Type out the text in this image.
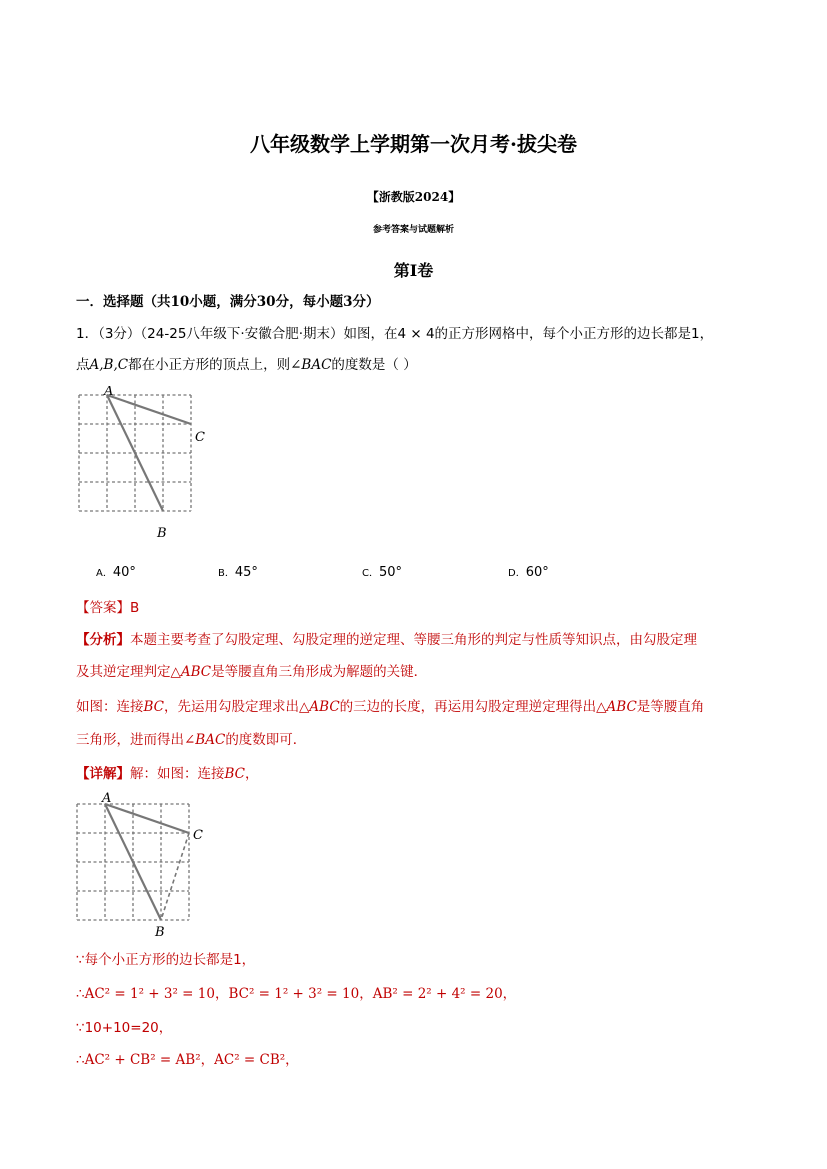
八年级数学上学期第一次月考·拔尖卷
【浙教版2024】
参考答案与试题解析
第I卷
一．选择题（共10小题，满分30分，每小题3分）
1．（3分）（24-25八年级下·安徽合肥·期末）如图，在4 × 4的正方形网格中，每个小正方形的边长都是1，
点A,B,C都在小正方形的顶点上，则∠BAC的度数是（ ）
A
C
B
A．40°	B．45°	C．50°	D．60°
【答案】B
【分析】本题主要考查了勾股定理、勾股定理的逆定理、等腰三角形的判定与性质等知识点，由勾股定理
及其逆定理判定△ABC是等腰直角三角形成为解题的关键．
如图：连接BC，先运用勾股定理求出△ABC的三边的长度，再运用勾股定理逆定理得出△ABC是等腰直角
三角形，进而得出∠BAC的度数即可．
【详解】解：如图：连接BC，
A
C
B
∵每个小正方形的边长都是1，
∴AC² = 1² + 3² = 10，BC² = 1² + 3² = 10，AB² = 2² + 4² = 20，
∵10+10=20，
∴AC² + CB² = AB²，AC² = CB²，
